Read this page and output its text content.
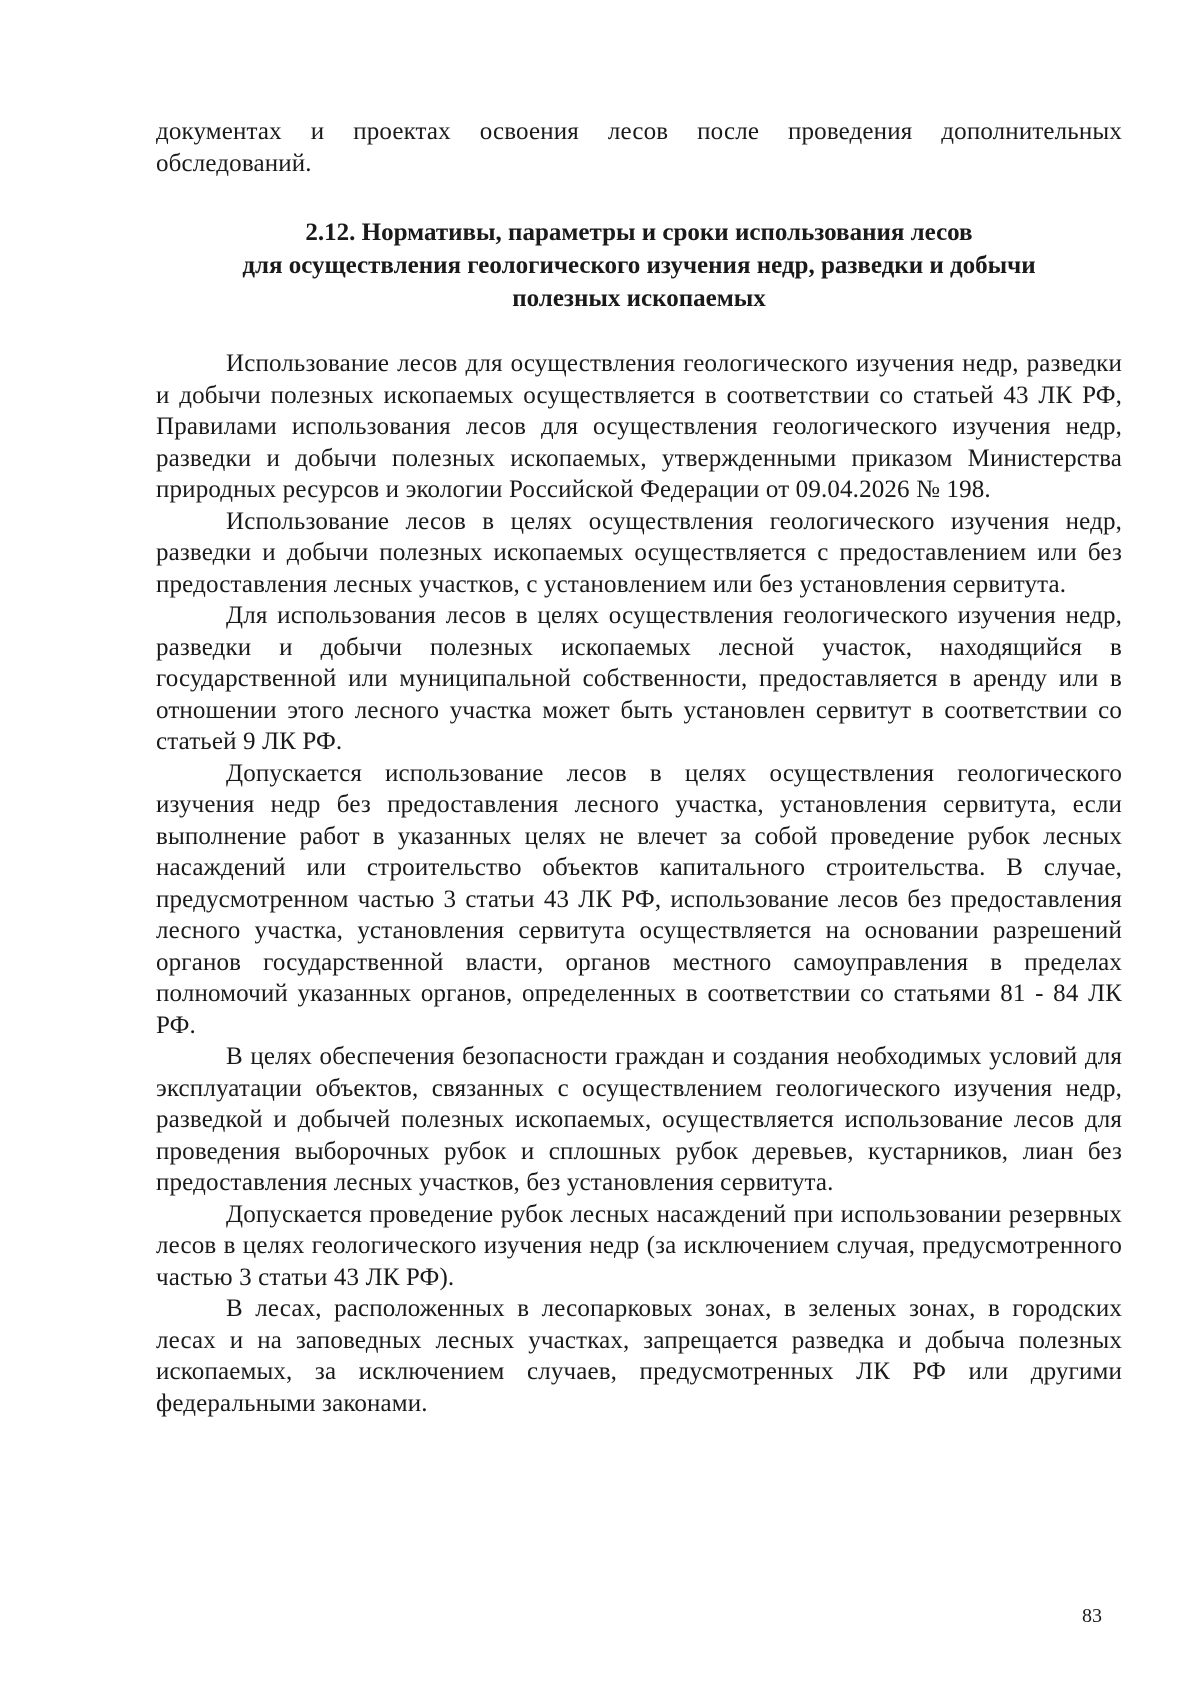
документах и проектах освоения лесов после проведения дополнительных обследований.
2.12. Нормативы, параметры и сроки использования лесов
для осуществления геологического изучения недр, разведки и добычи
полезных ископаемых

Использование лесов для осуществления геологического изучения недр, разведки и добычи полезных ископаемых осуществляется в соответствии со статьей 43 ЛК РФ, Правилами использования лесов для осуществления геологического изучения недр, разведки и добычи полезных ископаемых, утвержденными приказом Министерства природных ресурсов и экологии Российской Федерации от 09.04.2026 № 198.

Использование лесов в целях осуществления геологического изучения недр, разведки и добычи полезных ископаемых осуществляется с предоставлением или без предоставления лесных участков, с установлением или без установления сервитута.

Для использования лесов в целях осуществления геологического изучения недр, разведки и добычи полезных ископаемых лесной участок, находящийся в государственной или муниципальной собственности, предоставляется в аренду или в отношении этого лесного участка может быть установлен сервитут в соответствии со статьей 9 ЛК РФ.

Допускается использование лесов в целях осуществления геологического изучения недр без предоставления лесного участка, установления сервитута, если выполнение работ в указанных целях не влечет за собой проведение рубок лесных насаждений или строительство объектов капитального строительства. В случае, предусмотренном частью 3 статьи 43 ЛК РФ, использование лесов без предоставления лесного участка, установления сервитута осуществляется на основании разрешений органов государственной власти, органов местного самоуправления в пределах полномочий указанных органов, определенных в соответствии со статьями 81 - 84 ЛК РФ.

В целях обеспечения безопасности граждан и создания необходимых условий для эксплуатации объектов, связанных с осуществлением геологического изучения недр, разведкой и добычей полезных ископаемых, осуществляется использование лесов для проведения выборочных рубок и сплошных рубок деревьев, кустарников, лиан без предоставления лесных участков, без установления сервитута.

Допускается проведение рубок лесных насаждений при использовании резервных лесов в целях геологического изучения недр (за исключением случая, предусмотренного частью 3 статьи 43 ЛК РФ).

В лесах, расположенных в лесопарковых зонах, в зеленых зонах, в городских лесах и на заповедных лесных участках, запрещается разведка и добыча полезных ископаемых, за исключением случаев, предусмотренных ЛК РФ или другими федеральными законами.

83
